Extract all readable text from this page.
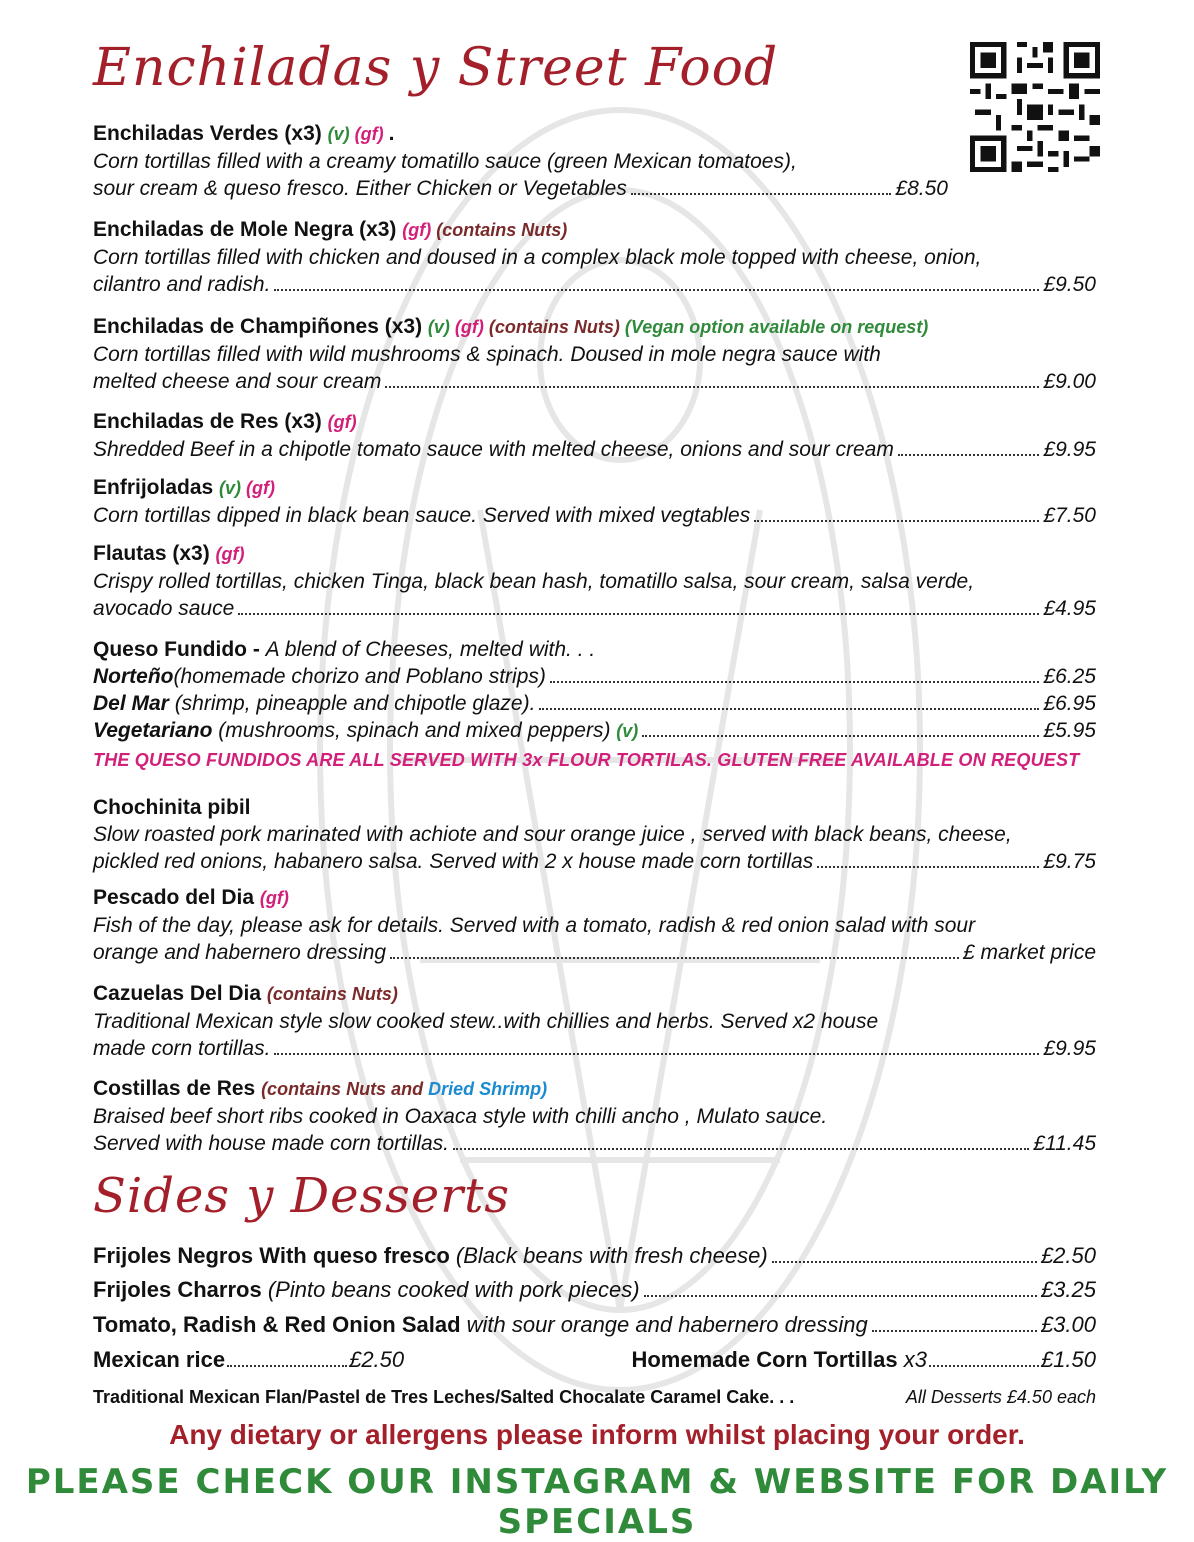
Enchiladas y Street Food
Enchiladas Verdes (x3) (v) (gf) .
Corn tortillas filled with a creamy tomatillo sauce (green Mexican tomatoes),
sour cream & queso fresco. Either Chicken or Vegetables	£8.50
Enchiladas de Mole Negra (x3) (gf) (contains Nuts)
Corn tortillas filled with chicken and doused in a complex black mole topped with cheese, onion,
cilantro and radish.	£9.50
Enchiladas de Champiñones (x3) (v) (gf) (contains Nuts) (Vegan option available on request)
Corn tortillas filled with wild mushrooms & spinach. Doused in mole negra sauce with
melted cheese and sour cream	£9.00
Enchiladas de Res (x3) (gf)
Shredded Beef in a chipotle tomato sauce with melted cheese, onions and sour cream	£9.95
Enfrijoladas (v) (gf)
Corn tortillas dipped in black bean sauce. Served with mixed vegtables	£7.50
Flautas (x3) (gf)
Crispy rolled tortillas, chicken Tinga, black bean hash, tomatillo salsa, sour cream, salsa verde,
avocado sauce	£4.95
Chochinita pibil
Slow roasted pork marinated with achiote and sour orange juice , served with black beans, cheese,
pickled red onions, habanero salsa. Served with 2 x house made corn tortillas	£9.75
Pescado del Dia (gf)
Fish of the day, please ask for details. Served with a tomato, radish & red onion salad with sour
orange and habernero dressing	£ market price
Cazuelas Del Dia (contains Nuts)
Traditional Mexican style slow cooked stew..with chillies and herbs. Served x2 house
made corn tortillas.	£9.95
Costillas de Res (contains Nuts and Dried Shrimp)
Braised beef short ribs cooked in Oaxaca style with chilli ancho , Mulato sauce.
Served with house made corn tortillas.	£11.45
Queso Fundido - A blend of Cheeses, melted with. . .
Norteño(homemade chorizo and Poblano strips)	£6.25
Del Mar (shrimp, pineapple and chipotle glaze).	£6.95
Vegetariano (mushrooms, spinach and mixed peppers) (v)	£5.95
THE QUESO FUNDIDOS ARE ALL SERVED WITH 3x FLOUR TORTILAS. GLUTEN FREE AVAILABLE ON REQUEST
Sides y Desserts
Frijoles Negros With queso fresco (Black beans with fresh cheese)	£2.50
Frijoles Charros (Pinto beans cooked with pork pieces)	£3.25
Tomato, Radish & Red Onion Salad with sour orange and habernero dressing	£3.00
Mexican rice	£2.50	Homemade Corn Tortillas x3	£1.50
Traditional Mexican Flan/Pastel de Tres Leches/Salted Chocalate Caramel Cake. . .	All Desserts £4.50 each
Any dietary or allergens please inform whilst placing your order.
PLEASE CHECK OUR INSTAGRAM & WEBSITE FOR DAILY SPECIALS
